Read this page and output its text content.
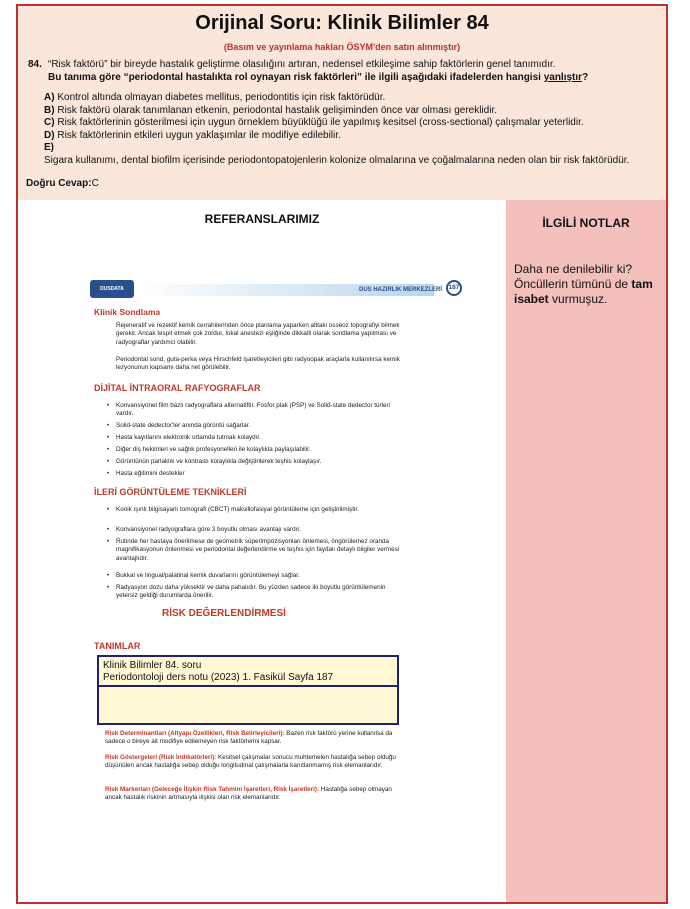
Orijinal Soru: Klinik Bilimler 84
(Basım ve yayınlama hakları ÖSYM'den satın alınmıştır)
84. “Risk faktörü” bir bireyde hastalık geliştirme olasılığını artıran, nedensel etkileşime sahip faktörlerin genel tanımıdır.
Bu tanıma göre “periodontal hastalıkta rol oynayan risk faktörleri” ile ilgili aşağıdaki ifadelerden hangisi yanlıştır?
A) Kontrol altında olmayan diabetes mellitus, periodontitis için risk faktörüdür.
B) Risk faktörü olarak tanımlanan etkenin, periodontal hastalık gelişiminden önce var olması gereklidir.
C) Risk faktörlerinin gösterilmesi için uygun örneklem büyüklüğü ile yapılmış kesitsel (cross-sectional) çalışmalar yeterlidir.
D) Risk faktörlerinin etkileri uygun yaklaşımlar ile modifiye edilebilir.
E)
Sigara kullanımı, dental biofilm içerisinde periodontopatojenlerin kolonize olmalarına ve çoğalmalarına neden olan bir risk faktörüdür.
Doğru Cevap:C
REFERANSLARIMIZ
DUSDATA	DUS HAZIRLIK MERKEZLERİ	187
Klinik Sondlama
Rejeneratif ve rezektif kemik cerrahilerinden önce planlama yaparken alttaki osseoz topografiyi bilmek gerekir. Ancak tespit etmek çok zordur, lokal anestezi eşliğinde dikkatli olarak sondlama yapılması ve radyograflar yardımcı olabilir.
Periodontal sond, guta-perka veya Hirschfeld işaretleyicileri gibi radyoopak araçlarla kullanılırsa kemik lezyonunun kapsamı daha net görülebilir.
DİJİTAL İNTRAORAL RAFYOGRAFLAR
• Konvansiyonel film bazlı radyograflara alternatiftir. Fosfor plak (PSP) ve Solid-state dedector türleri vardır.
• Solid-state dedector'ler anında görüntü sağarlar.
• Hasta kayıtlarını elektronik ortamda tutmak kolaydır.
• Diğer diş hekimleri ve sağlık profesyonelleri ile kolaylıkla paylaşılabilir.
• Görüntünün parlaklık ve kontrastı kolaylıkla değiştirilerek teşhis kolaylaşır.
• Hasta eğitimini destekler
İLERİ GÖRÜNTÜLEME TEKNİKLERİ
• Konik ışınlı bilgisayarlı tomografi (CBCT) maksillofasiyal görüntüleme için geliştirilmiştir.
• Konvansiyonel radyograflara göre 3 boyutlu olması avantajı vardır.
• Rutinde her hastaya önerilmese de geometrik süperimpozisyonları önlemesi, öngörülemez oranda magnifikasyonun önlenmesi ve periodontal değerlendirme ve teşhis için faydalı detaylı bilgiler vermesi avantajlıdır.
• Bukkal ve lingual/palatinal kemik duvarlarını görüntülemeyi sağlar.
• Radyasyon dozu daha yüksektir ve daha pahalıdır. Bu yüzden sadece iki boyutlu görüntülemenin yetersiz geldiği durumlarda önerilir.
RİSK DEĞERLENDİRMESİ
TANIMLAR
Risk Determinantları (Altyapı Özellikleri, Risk Belirleyicileri): Bazen risk faktörü yerine kullanılsa da sadece o bireye ait modifiye edilemeyen risk faktörlerini kapsar.
Risk Göstergeleri (Risk İndikatörleri): Kesitsel çalışmalar sonucu muhtemelen hastalığa sebep olduğu düşünülen ancak hastalığa sebep olduğu longitudinal çalışmalarla kanıtlanmamış risk elemanlarıdır.
Risk Markerları (Geleceğe İlişkin Risk Tahmini İşaretleri, Risk İşaretleri): Hastalığa sebep olmayan ancak hastalık riskinin artmasıyla ilişkisi olan risk elemanlarıdır.
Klinik Bilimler 84. soru
Periodontoloji ders notu (2023) 1. Fasikül Sayfa 187
İLGİLİ NOTLAR
Daha ne denilebilir ki? Öncüllerin tümünü de tam isabet vurmuşuz.
